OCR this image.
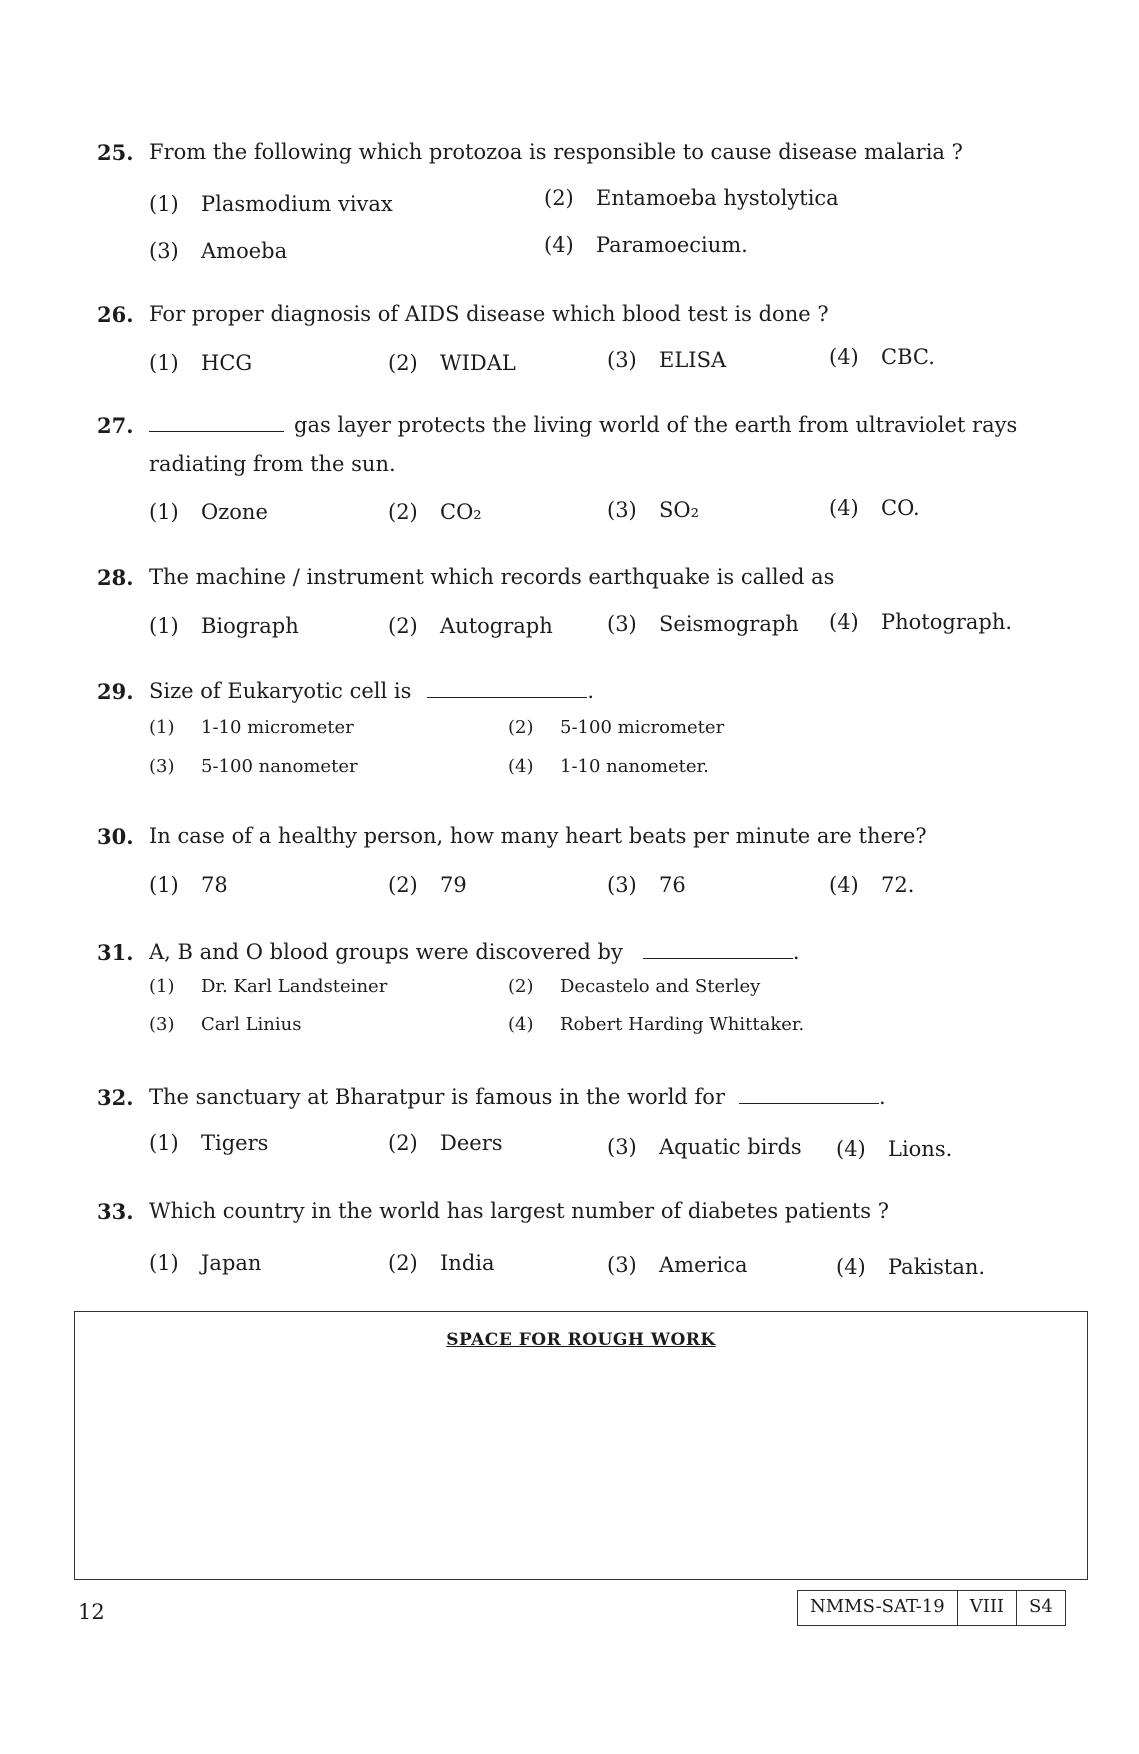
25. From the following which protozoa is responsible to cause disease malaria ?
(1) Plasmodium vivax	(2) Entamoeba hystolytica
(3) Amoeba	(4) Paramoecium.
26. For proper diagnosis of AIDS disease which blood test is done ?
(1) HCG	(2) WIDAL	(3) ELISA	(4) CBC.
27.	gas layer protects the living world of the earth from ultraviolet rays
radiating from the sun.
(1) Ozone	(2) CO₂	(3) SO₂	(4) CO.
28. The machine / instrument which records earthquake is called as
(1) Biograph	(2) Autograph	(3) Seismograph (4) Photograph.
29. Size of Eukaryotic cell is	.
(1) 1-10 micrometer	(2) 5-100 micrometer
(3) 5-100 nanometer	(4) 1-10 nanometer.
30. In case of a healthy person, how many heart beats per minute are there?
(1) 78	(2) 79	(3) 76	(4) 72.
31. A, B and O blood groups were discovered by	.
(1) Dr. Karl Landsteiner	(2) Decastelo and Sterley
(3) Carl Linius	(4) Robert Harding Whittaker.
32. The sanctuary at Bharatpur is famous in the world for	.
(1) Tigers	(2) Deers	(3) Aquatic birds (4) Lions.
33. Which country in the world has largest number of diabetes patients ?
(1) Japan	(2) India	(3) America	(4) Pakistan.
SPACE FOR ROUGH WORK
12	NMMS-SAT-19	VIII	S4
